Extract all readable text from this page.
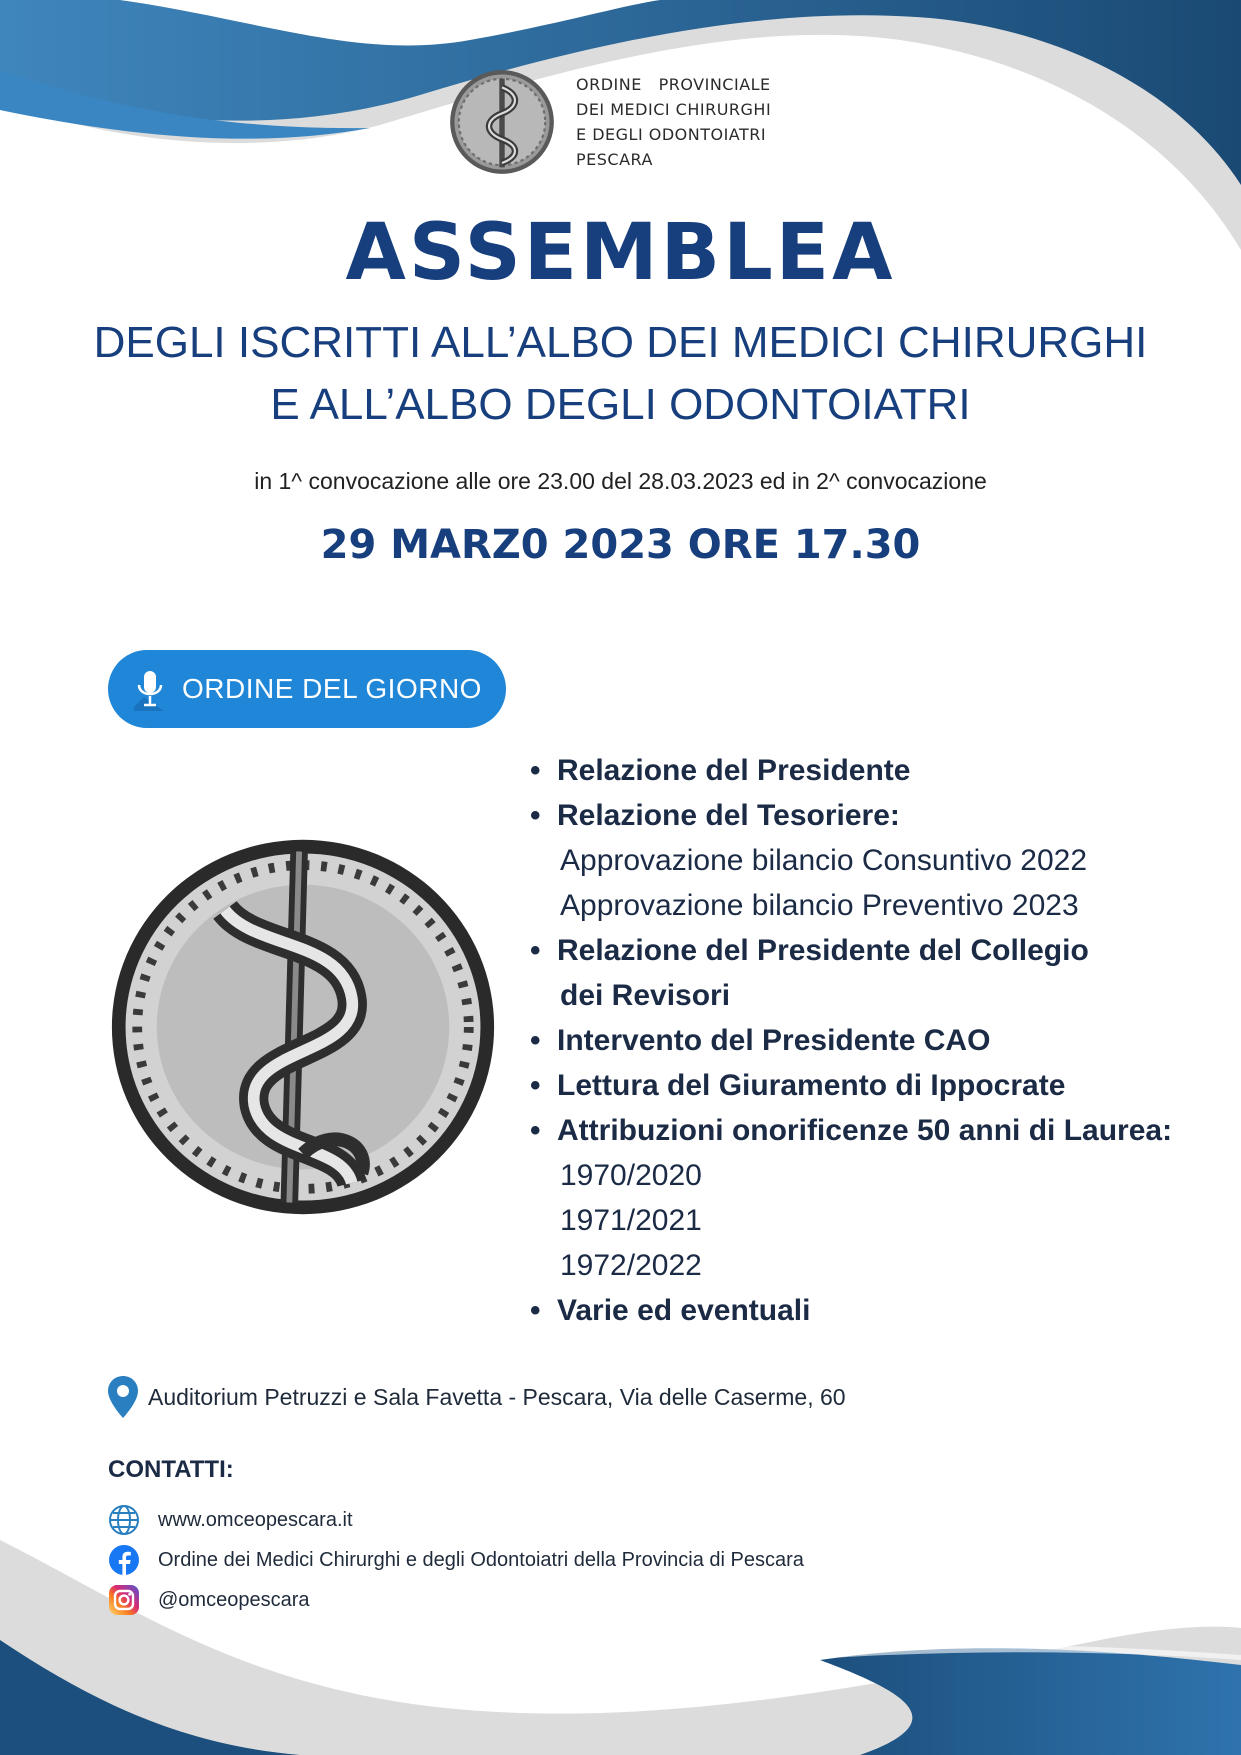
ORDINE   PROVINCIALE
DEI MEDICI CHIRURGHI
E DEGLI ODONTOIATRI
PESCARA
ASSEMBLEA
DEGLI ISCRITTI ALL’ALBO DEI MEDICI CHIRURGHI
E ALL’ALBO DEGLI ODONTOIATRI
in 1^ convocazione alle ore 23.00 del 28.03.2023 ed in 2^ convocazione
29 MARZ0 2023 ORE 17.30
ORDINE DEL GIORNO
• Relazione del Presidente
• Relazione del Tesoriere:
Approvazione bilancio Consuntivo 2022
Approvazione bilancio Preventivo 2023
• Relazione del Presidente del Collegio
dei Revisori
• Intervento del Presidente CAO
• Lettura del Giuramento di Ippocrate
• Attribuzioni onorificenze 50 anni di Laurea:
1970/2020
1971/2021
1972/2022
• Varie ed eventuali
Auditorium Petruzzi e Sala Favetta - Pescara, Via delle Caserme, 60
CONTATTI:
www.omceopescara.it
Ordine dei Medici Chirurghi e degli Odontoiatri della Provincia di Pescara
@omceopescara
